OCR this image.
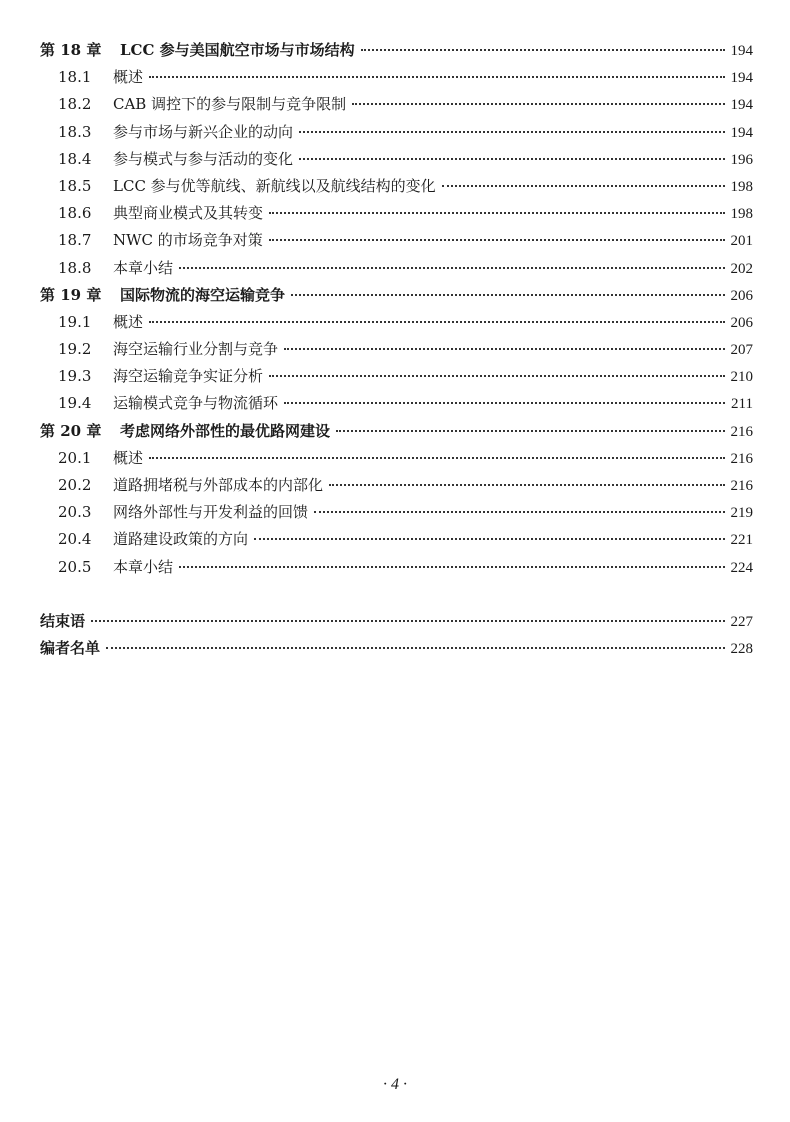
第 18 章 LCC 参与美国航空市场与市场结构	194
18.1	概述	194
18.2	CAB 调控下的参与限制与竞争限制	194
18.3	参与市场与新兴企业的动向	194
18.4	参与模式与参与活动的变化	196
18.5	LCC 参与优等航线、新航线以及航线结构的变化	198
18.6	典型商业模式及其转变	198
18.7	NWC 的市场竞争对策	201
18.8	本章小结	202
第 19 章 国际物流的海空运输竞争	206
19.1	概述	206
19.2	海空运输行业分割与竞争	207
19.3	海空运输竞争实证分析	210
19.4	运输模式竞争与物流循环	211
第 20 章 考虑网络外部性的最优路网建设	216
20.1	概述	216
20.2	道路拥堵税与外部成本的内部化	216
20.3	网络外部性与开发利益的回馈	219
20.4	道路建设政策的方向	221
20.5	本章小结	224
结束语	227
编者名单	228
· 4 ·
